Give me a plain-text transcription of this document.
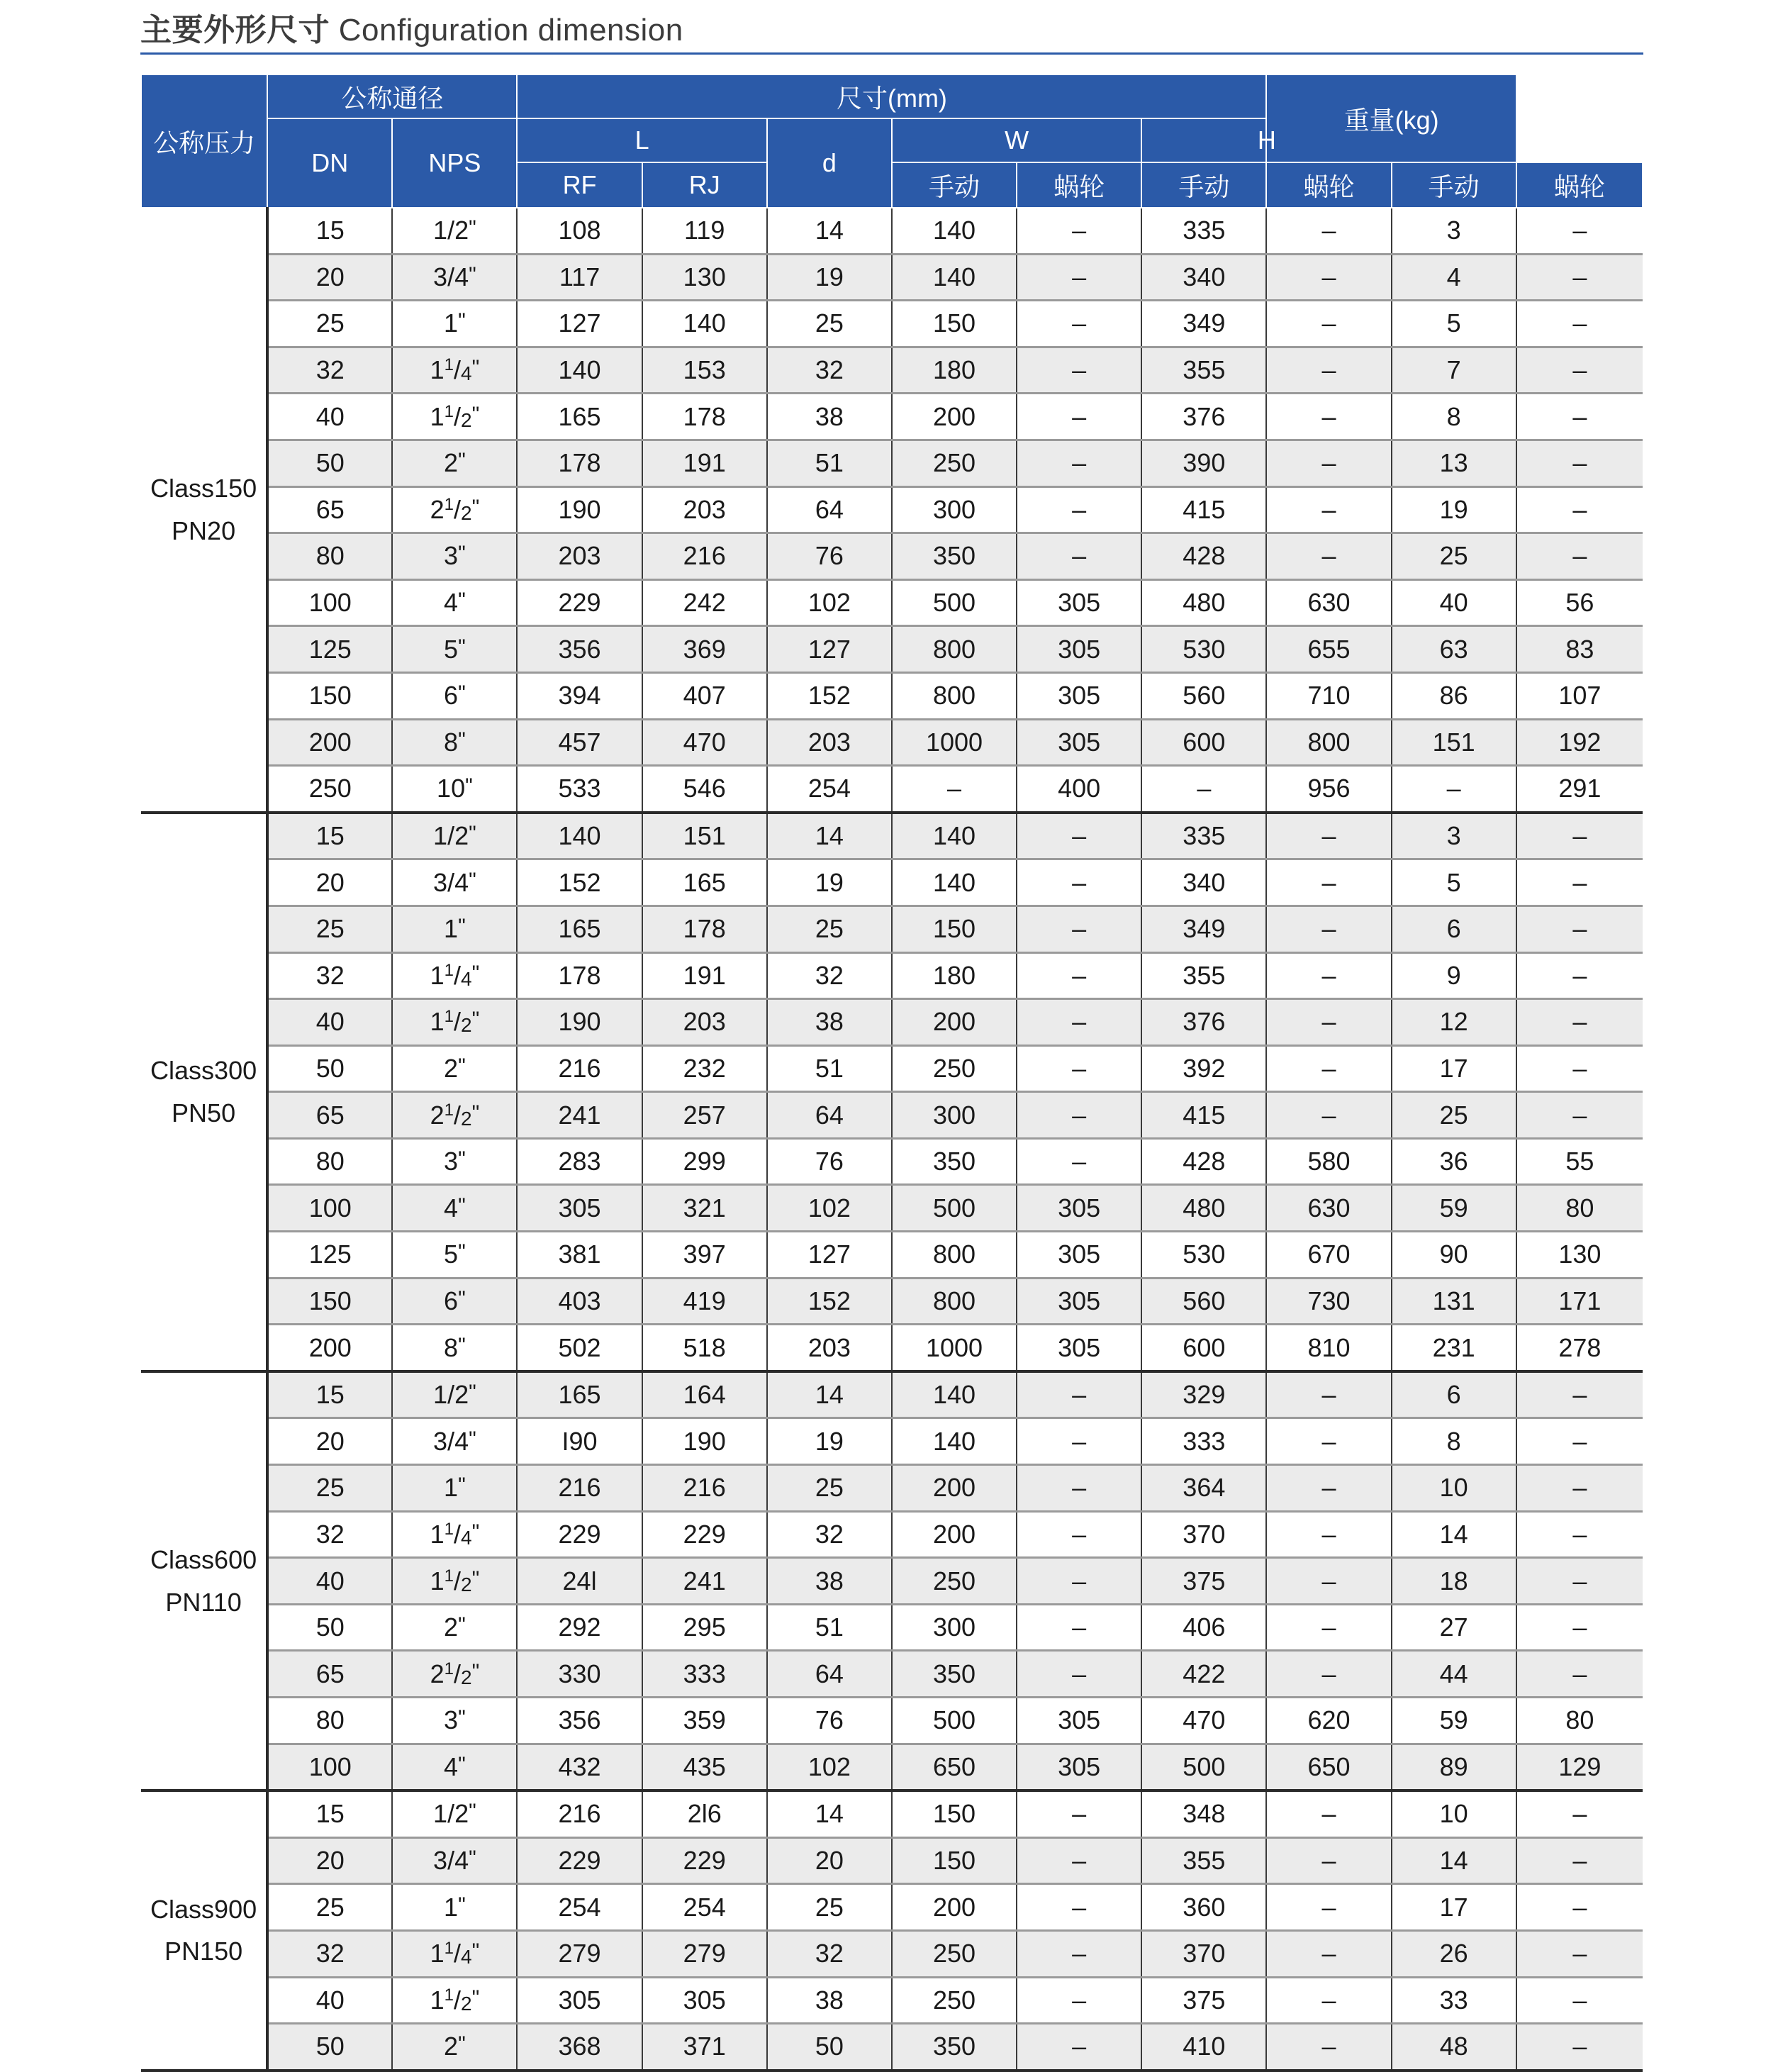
主要外形尺寸 Configuration dimension
公称压力	公称通径		尺寸(mm)						重量(kg)		
	DN	NPS	L		d	W		H			
			RF	RJ		手动	蜗轮	手动	蜗轮	手动	蜗轮
Class150
PN20	15	1/2"	108	119	14	140	–	335	–	3	–
	20	3/4"	117	130	19	140	–	340	–	4	–
	25	1"	127	140	25	150	–	349	–	5	–
	32	$1^1/_4$"	140	153	32	180	–	355	–	7	–
	40	$1^1/_2$"	165	178	38	200	–	376	–	8	–
	50	2"	178	191	51	250	–	390	–	13	–
	65	$2^1/_2$"	190	203	64	300	–	415	–	19	–
	80	3"	203	216	76	350	–	428	–	25	–
	100	4"	229	242	102	500	305	480	630	40	56
	125	5"	356	369	127	800	305	530	655	63	83
	150	6"	394	407	152	800	305	560	710	86	107
	200	8"	457	470	203	1000	305	600	800	151	192
	250	10"	533	546	254	–	400	–	956	–	291
Class300
PN50	15	1/2"	140	151	14	140	–	335	–	3	–
	20	3/4"	152	165	19	140	–	340	–	5	–
	25	1"	165	178	25	150	–	349	–	6	–
	32	$1^1/_4$"	178	191	32	180	–	355	–	9	–
	40	$1^1/_2$"	190	203	38	200	–	376	–	12	–
	50	2"	216	232	51	250	–	392	–	17	–
	65	$2^1/_2$"	241	257	64	300	–	415	–	25	–
	80	3"	283	299	76	350	–	428	580	36	55
	100	4"	305	321	102	500	305	480	630	59	80
	125	5"	381	397	127	800	305	530	670	90	130
	150	6"	403	419	152	800	305	560	730	131	171
	200	8"	502	518	203	1000	305	600	810	231	278
Class600
PN110	15	1/2"	165	164	14	140	–	329	–	6	–
	20	3/4"	I90	190	19	140	–	333	–	8	–
	25	1"	216	216	25	200	–	364	–	10	–
	32	$1^1/_4$"	229	229	32	200	–	370	–	14	–
	40	$1^1/_2$"	24l	241	38	250	–	375	–	18	–
	50	2"	292	295	51	300	–	406	–	27	–
	65	$2^1/_2$"	330	333	64	350	–	422	–	44	–
	80	3"	356	359	76	500	305	470	620	59	80
	100	4"	432	435	102	650	305	500	650	89	129
Class900
PN150	15	1/2"	216	2l6	14	150	–	348	–	10	–
	20	3/4"	229	229	20	150	–	355	–	14	–
	25	1"	254	254	25	200	–	360	–	17	–
	32	$1^1/_4$"	279	279	32	250	–	370	–	26	–
	40	$1^1/_2$"	305	305	38	250	–	375	–	33	–
	50	2"	368	371	50	350	–	410	–	48	–
